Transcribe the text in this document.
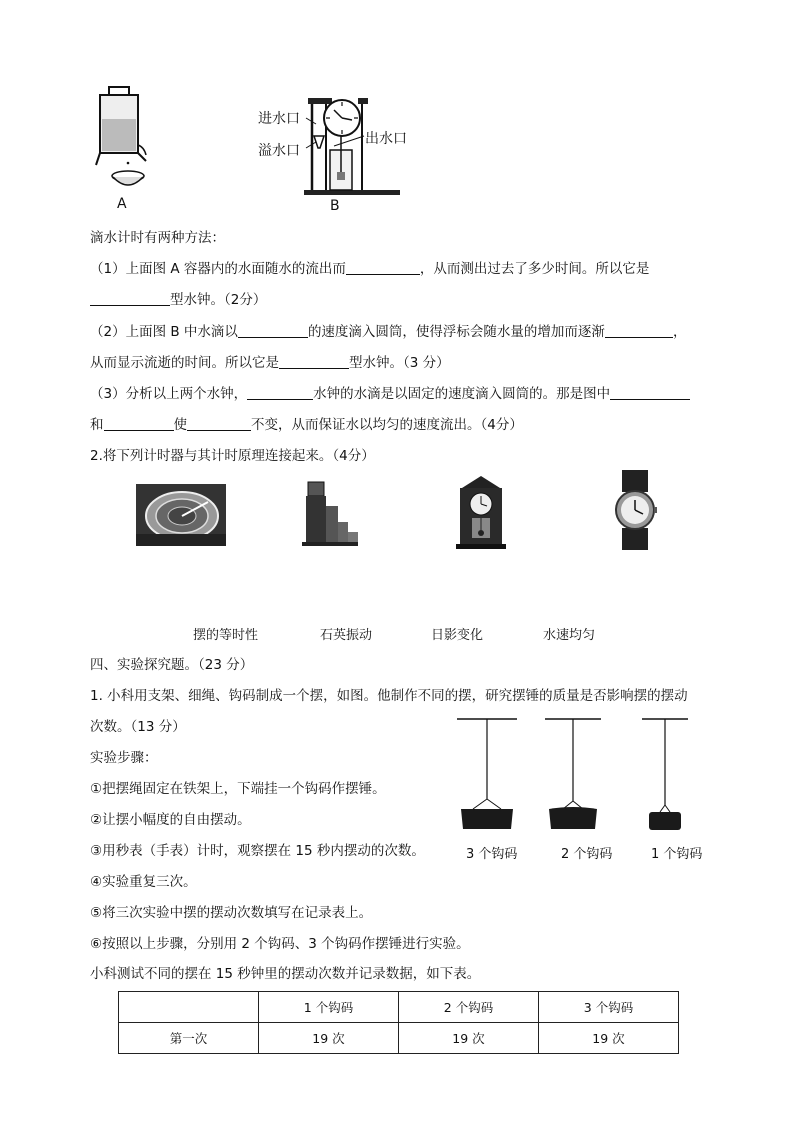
A
进水口
出水口
溢水口
B
滴水计时有两种方法：
（1）上面图 A 容器内的水面随水的流出而	，从而测出过去了多少时间。所以它是
型水钟。（2分）
（2）上面图 B 中水滴以	的速度滴入圆筒，使得浮标会随水量的增加而逐渐	，
从而显示流逝的时间。所以它是	型水钟。（3 分）
（3）分析以上两个水钟，	水钟的水滴是以固定的速度滴入圆筒的。那是图中
和	使	不变，从而保证水以均匀的速度流出。（4分）
2.将下列计时器与其计时原理连接起来。（4分）
摆的等时性	石英振动	日影变化	水速均匀
四、实验探究题。（23 分）
1. 小科用支架、细绳、钩码制成一个摆，如图。他制作不同的摆，研究摆锤的质量是否影响摆的摆动
次数。（13 分）
实验步骤：
①把摆绳固定在铁架上，下端挂一个钩码作摆锤。
②让摆小幅度的自由摆动。
③用秒表（手表）计时，观察摆在 15 秒内摆动的次数。
④实验重复三次。
⑤将三次实验中摆的摆动次数填写在记录表上。
⑥按照以上步骤，分别用 2 个钩码、3 个钩码作摆锤进行实验。
小科测试不同的摆在 15 秒钟里的摆动次数并记录数据，如下表。
3 个钩码	2 个钩码	1 个钩码
	1 个钩码	2 个钩码	3 个钩码
第一次	19 次	19 次	19 次
